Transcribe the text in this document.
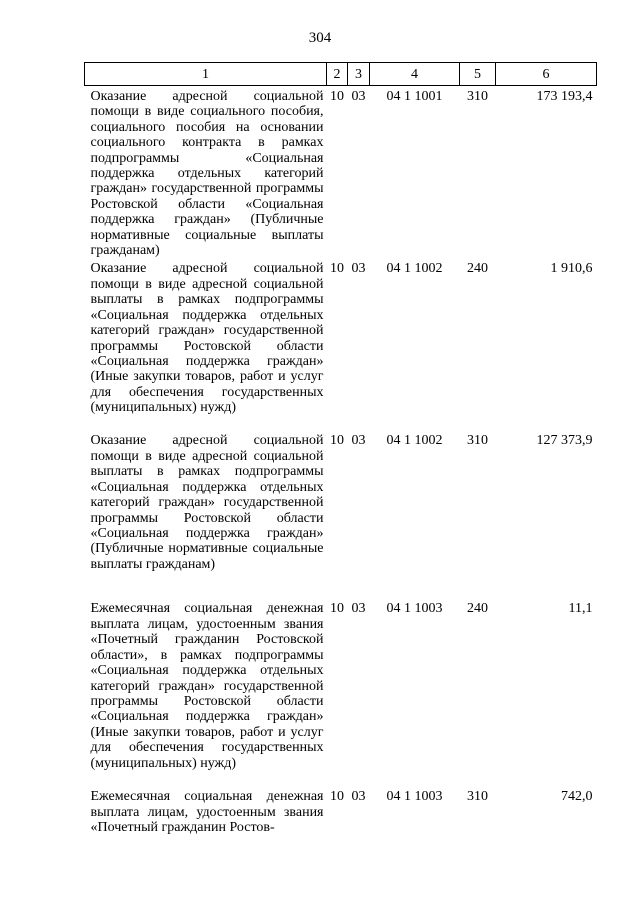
304
1	2	3	4	5	6
Оказание адресной социальной помощи в виде социального пособия, социального пособия на основании социального контракта в рамках подпрограммы «Социальная поддержка отдельных категорий граждан» государственной программы Ростовской области «Социальная поддержка граждан» (Публичные нормативные социальные выплаты гражданам)	10	03	04 1 1001	310	173 193,4
Оказание адресной социальной помощи в виде адресной социальной выплаты в рамках подпрограммы «Социальная поддержка отдельных категорий граждан» государственной программы Ростовской области «Социальная поддержка граждан» (Иные закупки товаров, работ и услуг для обеспечения государственных (муниципальных) нужд)	10	03	04 1 1002	240	1 910,6
Оказание адресной социальной помощи в виде адресной социальной выплаты в рамках подпрограммы «Социальная поддержка отдельных категорий граждан» государственной программы Ростовской области «Социальная поддержка граждан» (Публичные нормативные социальные выплаты гражданам)	10	03	04 1 1002	310	127 373,9
Ежемесячная социальная денежная выплата лицам, удостоенным звания «Почетный гражданин Ростовской области», в рамках подпрограммы «Социальная поддержка отдельных категорий граждан» государственной программы Ростовской области «Социальная поддержка граждан» (Иные закупки товаров, работ и услуг для обеспечения государственных (муниципальных) нужд)	10	03	04 1 1003	240	11,1
Ежемесячная социальная денежная выплата лицам, удостоенным звания «Почетный гражданин Ростов-	10	03	04 1 1003	310	742,0
